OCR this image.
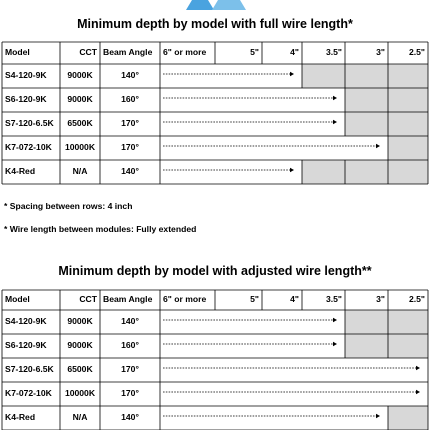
Minimum depth by model with full wire length*
* Spacing between rows: 4 inch
* Wire length between modules: Fully extended
Minimum depth by model with adjusted wire length**
Model	CCT Beam Angle	6" or more	5"	4"	3.5"	3"	2.5"
S4-120-9K	9000K	140°
S6-120-9K	9000K	160°
S7-120-6.5K	6500K	170°
K7-072-10K	10000K	170°
K4-Red	N/A	140°
Model	CCT Beam Angle	6" or more	5"	4"	3.5"	3"	2.5"
S4-120-9K	9000K	140°
S6-120-9K	9000K	160°
S7-120-6.5K	6500K	170°
K7-072-10K	10000K	170°
K4-Red	N/A	140°
